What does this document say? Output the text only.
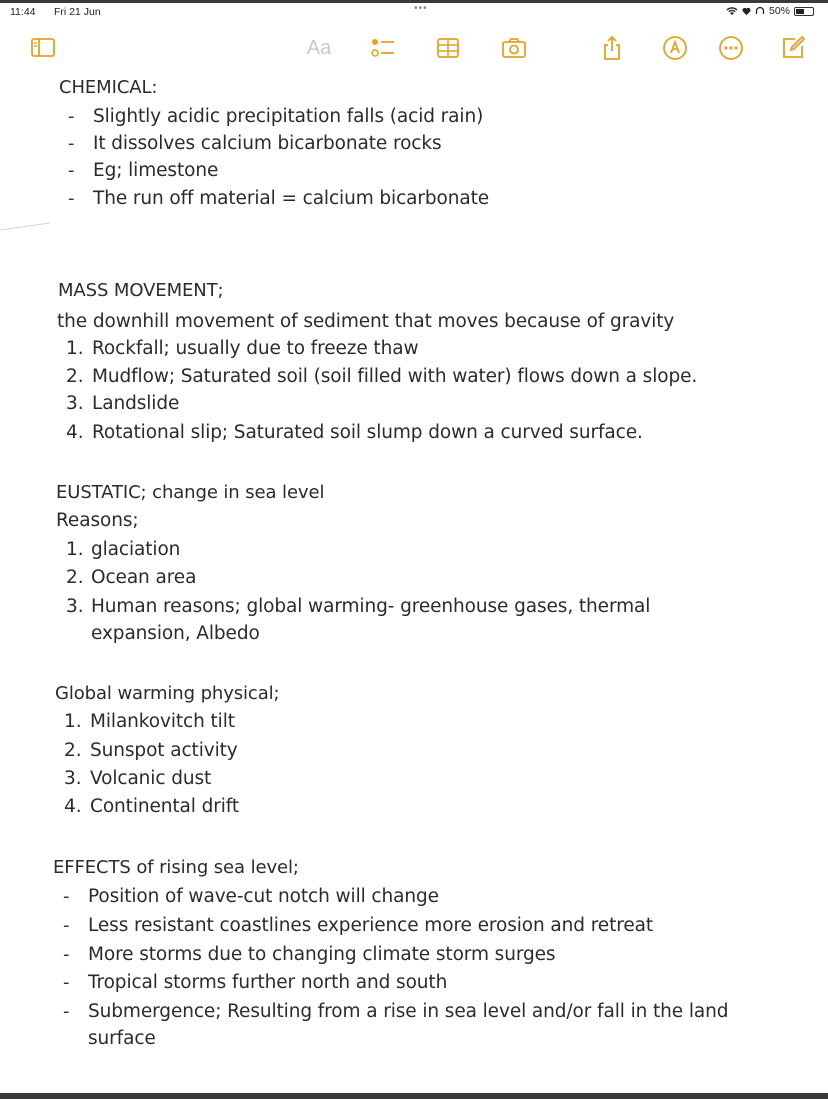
11:44 Fri 21 Jun	•••	50%
Aa
CHEMICAL:
- Slightly acidic precipitation falls (acid rain)
- It dissolves calcium bicarbonate rocks
- Eg; limestone
- The run off material = calcium bicarbonate
MASS MOVEMENT;
the downhill movement of sediment that moves because of gravity
1. Rockfall; usually due to freeze thaw
2. Mudflow; Saturated soil (soil filled with water) flows down a slope.
3. Landslide
4. Rotational slip; Saturated soil slump down a curved surface.
EUSTATIC; change in sea level
Reasons;
1. glaciation
2. Ocean area
3. Human reasons; global warming- greenhouse gases, thermal
expansion, Albedo
Global warming physical;
1. Milankovitch tilt
2. Sunspot activity
3. Volcanic dust
4. Continental drift
EFFECTS of rising sea level;
- Position of wave-cut notch will change
- Less resistant coastlines experience more erosion and retreat
- More storms due to changing climate storm surges
- Tropical storms further north and south
- Submergence; Resulting from a rise in sea level and/or fall in the land
surface
